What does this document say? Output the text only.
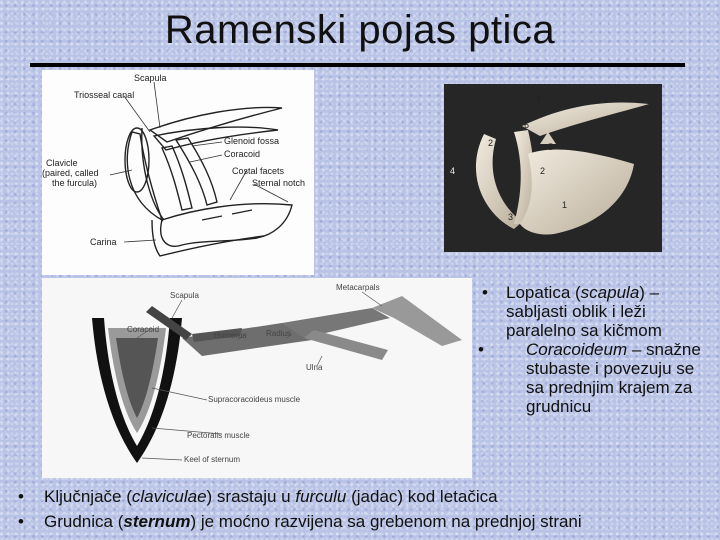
Ramenski pojas ptica
Scapula
Triosseal canal
Glenoid fossa
Coracoid
Clavicle
(paired, called
the furcula)
Costal facets
Sternal notch
Carina
4
4
6
2
2
5
3
1
Scapula
Metacarpals
Coracoid
Humerus Radius
Ulna
Supracoracoideus muscle
Pectoralis muscle
Keel of sternum
• Lopatica (scapula) – sabljasti oblik i leži paralelno sa kičmom
• Coracoideum – snažne stubaste i povezuju se sa prednjim krajem za grudnicu
• Ključnjače (claviculae) srastaju u furculu (jadac) kod letačica
• Grudnica (sternum) je moćno razvijena sa grebenom na prednjoj strani
